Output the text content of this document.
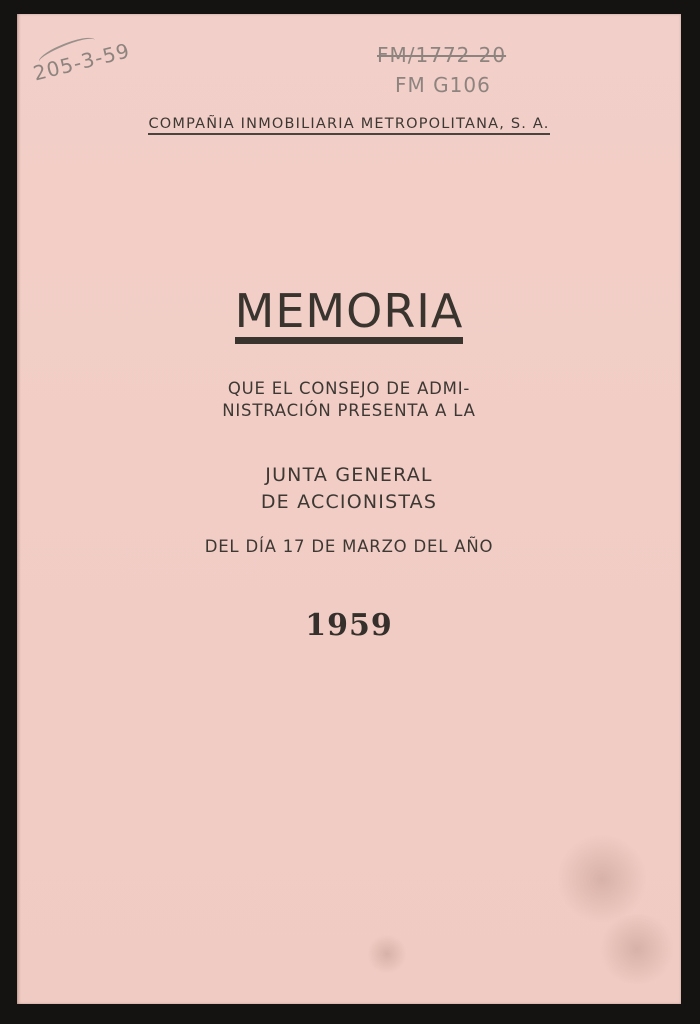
205-3-59	FM/1772-20
FM G106
COMPAÑIA INMOBILIARIA METROPOLITANA, S. A.
MEMORIA
QUE EL CONSEJO DE ADMI-
NISTRACIÓN PRESENTA A LA
JUNTA GENERAL
DE ACCIONISTAS
DEL DÍA 17 DE MARZO DEL AÑO
1959
